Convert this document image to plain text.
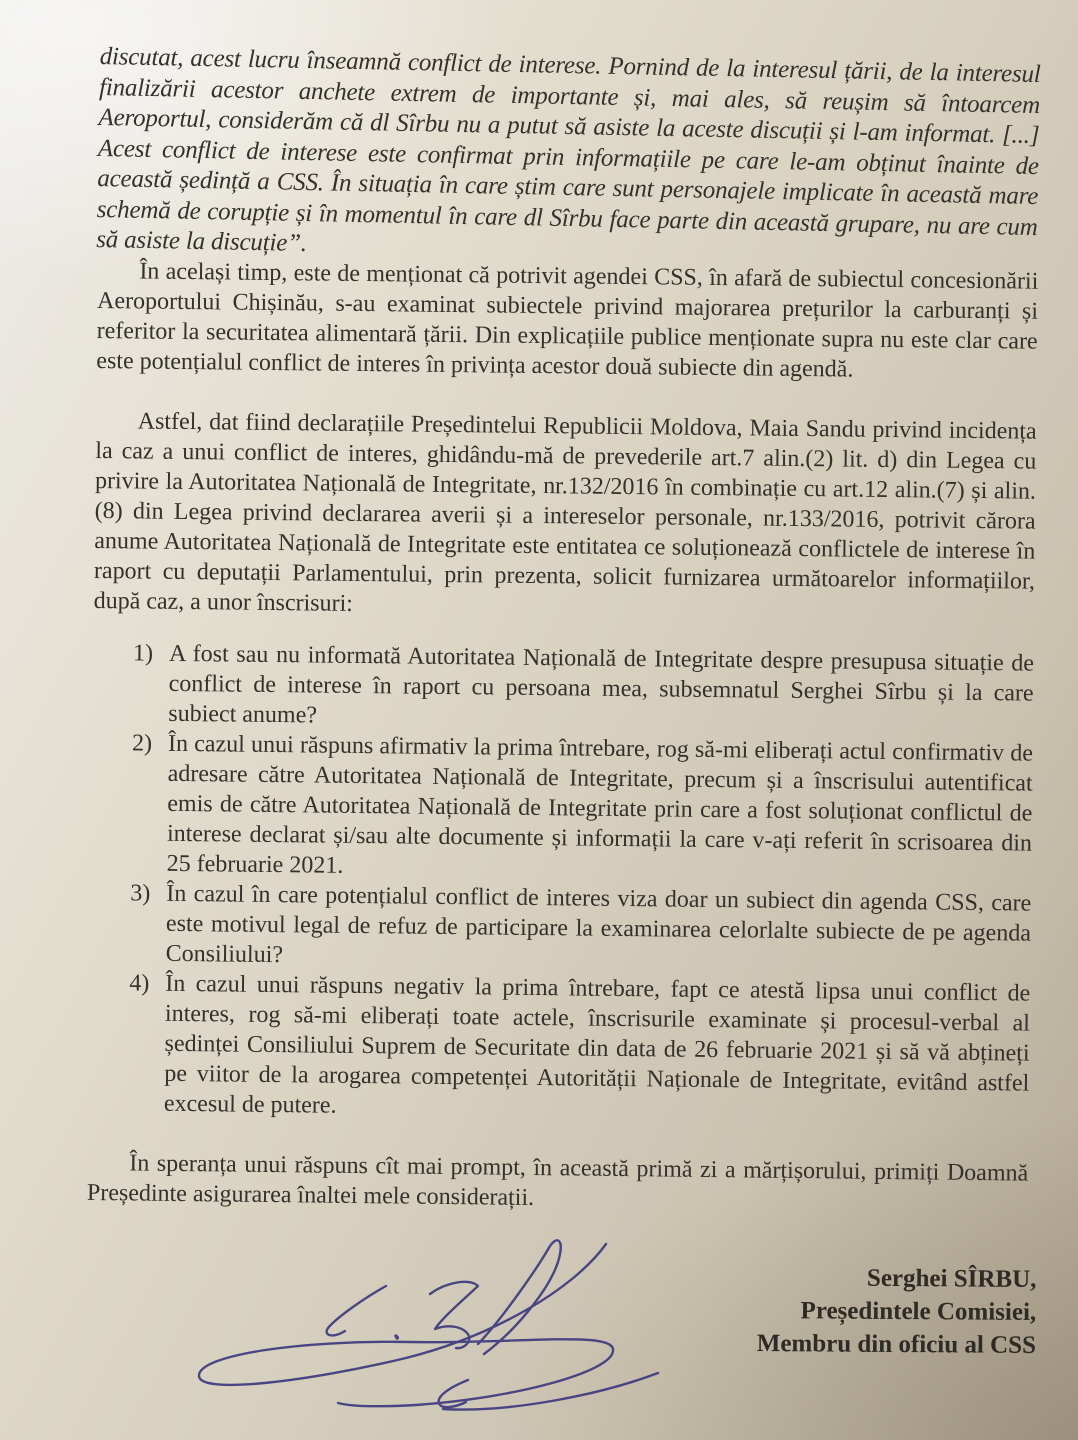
discutat, acest lucru înseamnă conflict de interese. Pornind de la interesul țării, de la interesul finalizării acestor anchete extrem de importante și, mai ales, să reușim să întoarcem Aeroportul, considerăm că dl Sîrbu nu a putut să asiste la aceste discuții și l-am informat. [...] Acest conflict de interese este confirmat prin informațiile pe care le-am obținut înainte de această ședință a CSS. În situația în care știm care sunt personajele implicate în această mare schemă de corupție și în momentul în care dl Sîrbu face parte din această grupare, nu are cum să asiste la discuție”.

În același timp, este de menționat că potrivit agendei CSS, în afară de subiectul concesionării Aeroportului Chișinău, s-au examinat subiectele privind majorarea prețurilor la carburanți și referitor la securitatea alimentară țării. Din explicațiile publice menționate supra nu este clar care este potențialul conflict de interes în privința acestor două subiecte din agendă.

Astfel, dat fiind declarațiile Președintelui Republicii Moldova, Maia Sandu privind incidența la caz a unui conflict de interes, ghidându-mă de prevederile art.7 alin.(2) lit. d) din Legea cu privire la Autoritatea Națională de Integritate, nr.132/2016 în combinație cu art.12 alin.(7) și alin.(8) din Legea privind declararea averii și a intereselor personale, nr.133/2016, potrivit cărora anume Autoritatea Națională de Integritate este entitatea ce soluționează conflictele de interese în raport cu deputații Parlamentului, prin prezenta, solicit furnizarea următoarelor informațiilor, după caz, a unor înscrisuri:

1) A fost sau nu informată Autoritatea Națională de Integritate despre presupusa situație de conflict de interese în raport cu persoana mea, subsemnatul Serghei Sîrbu și la care subiect anume?
2) În cazul unui răspuns afirmativ la prima întrebare, rog să-mi eliberați actul confirmativ de adresare către Autoritatea Națională de Integritate, precum și a înscrisului autentificat emis de către Autoritatea Națională de Integritate prin care a fost soluționat conflictul de interese declarat și/sau alte documente și informații la care v-ați referit în scrisoarea din 25 februarie 2021.
3) În cazul în care potențialul conflict de interes viza doar un subiect din agenda CSS, care este motivul legal de refuz de participare la examinarea celorlalte subiecte de pe agenda Consiliului?
4) În cazul unui răspuns negativ la prima întrebare, fapt ce atestă lipsa unui conflict de interes, rog să-mi eliberați toate actele, înscrisurile examinate și procesul-verbal al ședinței Consiliului Suprem de Securitate din data de 26 februarie 2021 și să vă abțineți pe viitor de la arogarea competenței Autorității Naționale de Integritate, evitând astfel excesul de putere.

În speranța unui răspuns cît mai prompt, în această primă zi a mărțișorului, primiți Doamnă Președinte asigurarea înaltei mele considerații.

Serghei SÎRBU,
Președintele Comisiei,
Membru din oficiu al CSS
